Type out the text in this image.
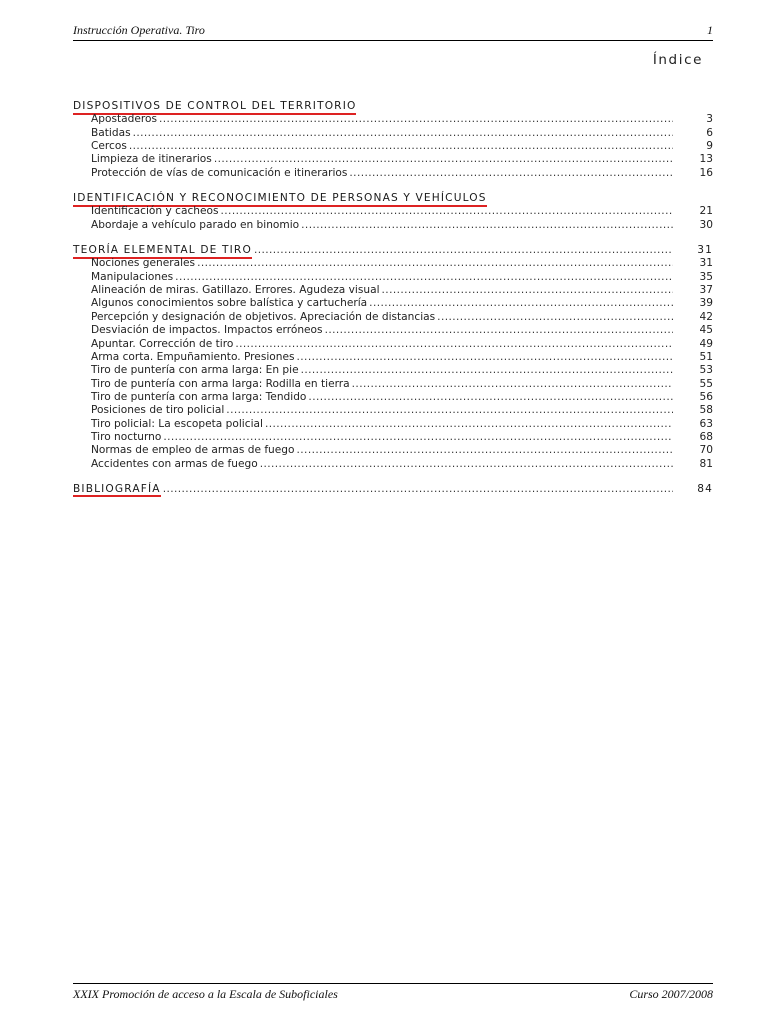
Instrucción Operativa. Tiro	1
Índice
DISPOSITIVOS DE CONTROL DEL TERRITORIO
Apostaderos .....	3
Batidas .....	6
Cercos .....	9
Limpieza de itinerarios .....	13
Protección de vías de comunicación e itinerarios .....	16
IDENTIFICACIÓN Y RECONOCIMIENTO DE PERSONAS Y VEHÍCULOS
Identificación y cacheos .....	21
Abordaje a vehículo parado en binomio .....	30
TEORÍA ELEMENTAL DE TIRO .....	31
Nociones generales .....	31
Manipulaciones .....	35
Alineación de miras. Gatillazo. Errores. Agudeza visual .....	37
Algunos conocimientos sobre balística y cartuchería .....	39
Percepción y designación de objetivos. Apreciación de distancias .....	42
Desviación de impactos. Impactos erróneos .....	45
Apuntar. Corrección de tiro .....	49
Arma corta. Empuñamiento. Presiones .....	51
Tiro de puntería con arma larga: En pie .....	53
Tiro de puntería con arma larga: Rodilla en tierra .....	55
Tiro de puntería con arma larga: Tendido .....	56
Posiciones de tiro policial .....	58
Tiro policial: La escopeta policial .....	63
Tiro nocturno .....	68
Normas de empleo de armas de fuego .....	70
Accidentes con armas de fuego .....	81
BIBLIOGRAFÍA .....	84
XXIX Promoción de acceso a la Escala de Suboficiales	Curso 2007/2008
